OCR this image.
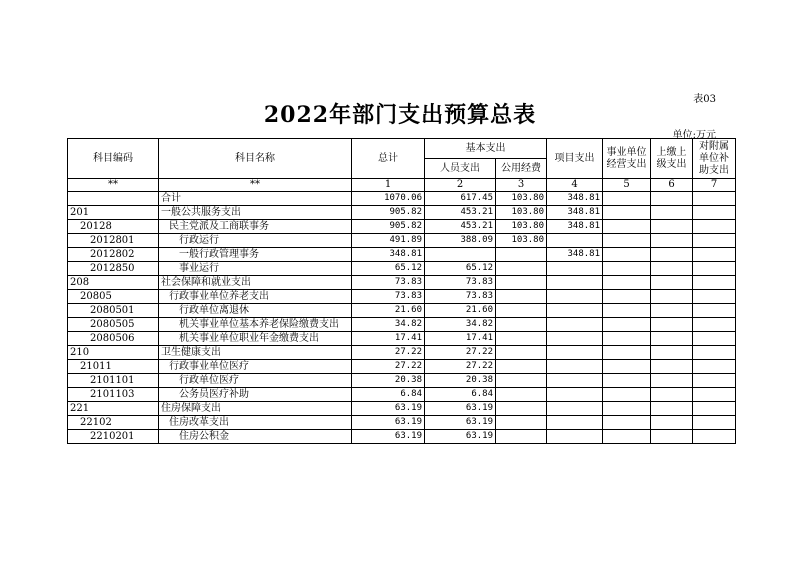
表03
2022年部门支出预算总表
单位:万元
科目编码	科目名称	总计	基本支出		项目支出	事业单位经营支出	上缴上级支出	对附属单位补助支出
			人员支出	公用经费				
**	**	1	2	3	4	5	6	7
	合计	1070.06	617.45	103.80	348.81			
201	一般公共服务支出	905.82	453.21	103.80	348.81			
20128	民主党派及工商联事务	905.82	453.21	103.80	348.81			
2012801	行政运行	491.89	388.09	103.80				
2012802	一般行政管理事务	348.81			348.81			
2012850	事业运行	65.12	65.12					
208	社会保障和就业支出	73.83	73.83					
20805	行政事业单位养老支出	73.83	73.83					
2080501	行政单位离退休	21.60	21.60					
2080505	机关事业单位基本养老保险缴费支出	34.82	34.82					
2080506	机关事业单位职业年金缴费支出	17.41	17.41					
210	卫生健康支出	27.22	27.22					
21011	行政事业单位医疗	27.22	27.22					
2101101	行政单位医疗	20.38	20.38					
2101103	公务员医疗补助	6.84	6.84					
221	住房保障支出	63.19	63.19					
22102	住房改革支出	63.19	63.19					
2210201	住房公积金	63.19	63.19					
